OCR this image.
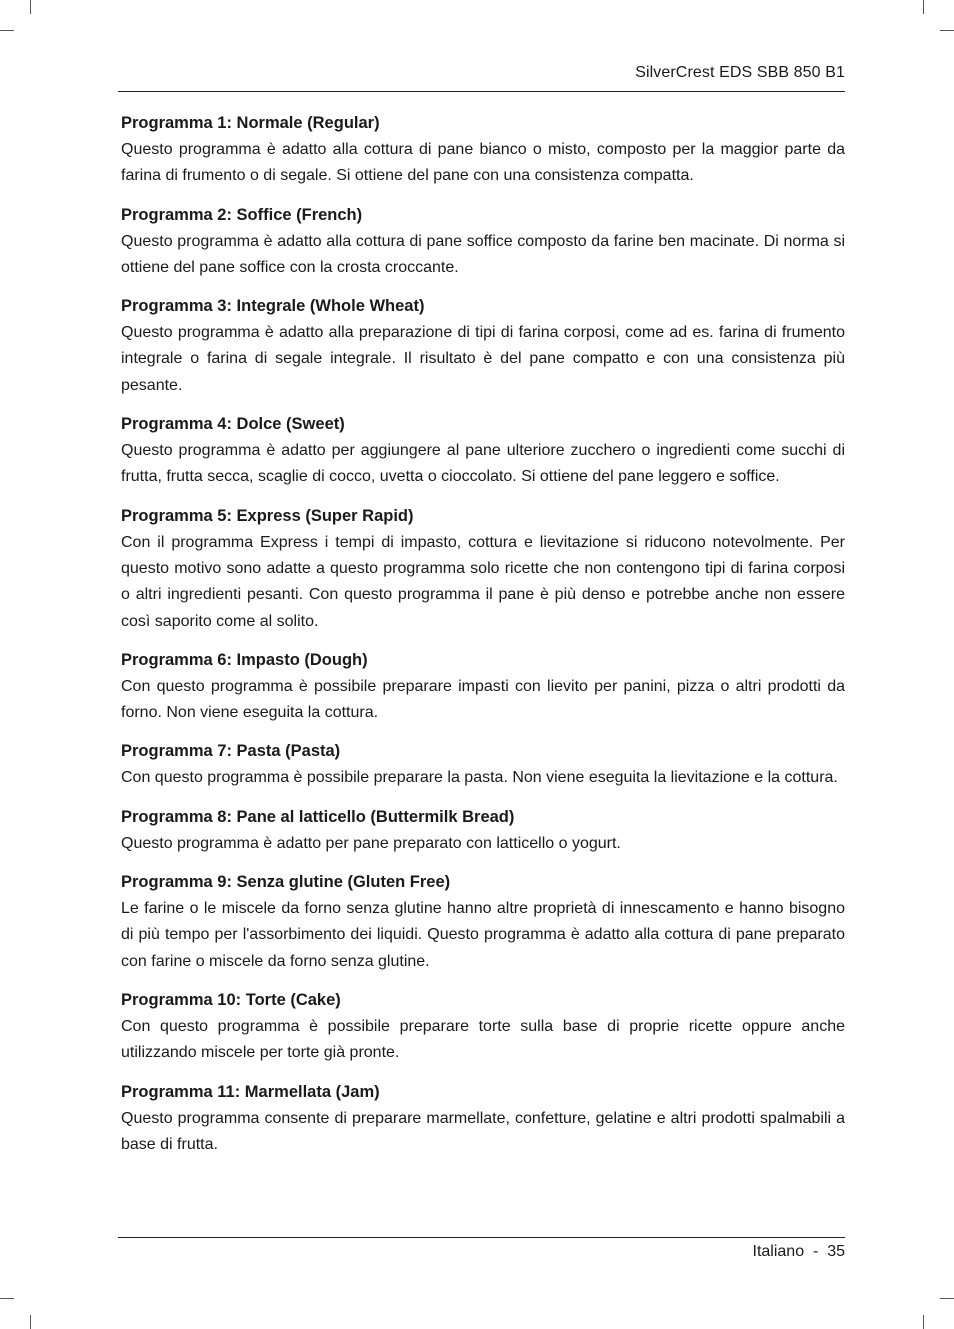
SilverCrest EDS SBB 850 B1
Programma 1: Normale (Regular)

Questo programma è adatto alla cottura di pane bianco o misto, composto per la maggior parte da farina di frumento o di segale. Si ottiene del pane con una consistenza compatta.

Programma 2: Soffice (French)

Questo programma è adatto alla cottura di pane soffice composto da farine ben macinate. Di norma si ottiene del pane soffice con la crosta croccante.

Programma 3: Integrale (Whole Wheat)

Questo programma è adatto alla preparazione di tipi di farina corposi, come ad es. farina di frumento integrale o farina di segale integrale. Il risultato è del pane compatto e con una consistenza più pesante.

Programma 4: Dolce (Sweet)

Questo programma è adatto per aggiungere al pane ulteriore zucchero o ingredienti come succhi di frutta, frutta secca, scaglie di cocco, uvetta o cioccolato. Si ottiene del pane leggero e soffice.

Programma 5: Express (Super Rapid)

Con il programma Express i tempi di impasto, cottura e lievitazione si riducono notevolmente. Per questo motivo sono adatte a questo programma solo ricette che non contengono tipi di farina corposi o altri ingredienti pesanti. Con questo programma il pane è più denso e potrebbe anche non essere così saporito come al solito.

Programma 6: Impasto (Dough)

Con questo programma è possibile preparare impasti con lievito per panini, pizza o altri prodotti da forno. Non viene eseguita la cottura.

Programma 7: Pasta (Pasta)

Con questo programma è possibile preparare la pasta. Non viene eseguita la lievitazione e la cottura.

Programma 8: Pane al latticello (Buttermilk Bread)

Questo programma è adatto per pane preparato con latticello o yogurt.

Programma 9: Senza glutine (Gluten Free)

Le farine o le miscele da forno senza glutine hanno altre proprietà di innescamento e hanno bisogno di più tempo per l'assorbimento dei liquidi. Questo programma è adatto alla cottura di pane preparato con farine o miscele da forno senza glutine.

Programma 10: Torte (Cake)

Con questo programma è possibile preparare torte sulla base di proprie ricette oppure anche utilizzando miscele per torte già pronte.

Programma 11: Marmellata (Jam)

Questo programma consente di preparare marmellate, confetture, gelatine e altri prodotti spalmabili a base di frutta.

Italiano  -  35
